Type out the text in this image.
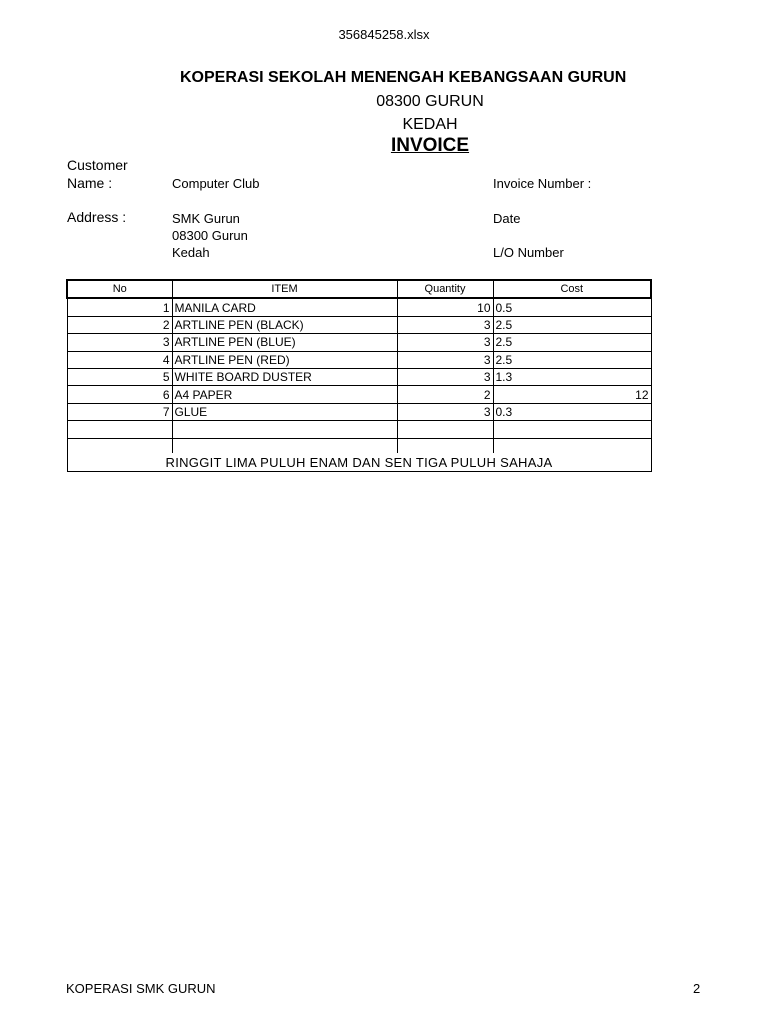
356845258.xlsx
KOPERASI SEKOLAH MENENGAH KEBANGSAAN GURUN
08300 GURUN
KEDAH
INVOICE
Customer
Name :	Computer Club
Address :	SMK Gurun
08300 Gurun
Kedah
Invoice Number :
Date
L/O Number
No	ITEM	Quantity	Cost
1	MANILA CARD	10	0.5
2	ARTLINE PEN (BLACK)	3	2.5
3	ARTLINE PEN (BLUE)	3	2.5
4	ARTLINE PEN (RED)	3	2.5
5	WHITE BOARD DUSTER	3	1.3
6	A4 PAPER	2	12
7	GLUE	3	0.3

RINGGIT LIMA PULUH ENAM DAN SEN TIGA PULUH SAHAJA			
KOPERASI SMK GURUN	2
